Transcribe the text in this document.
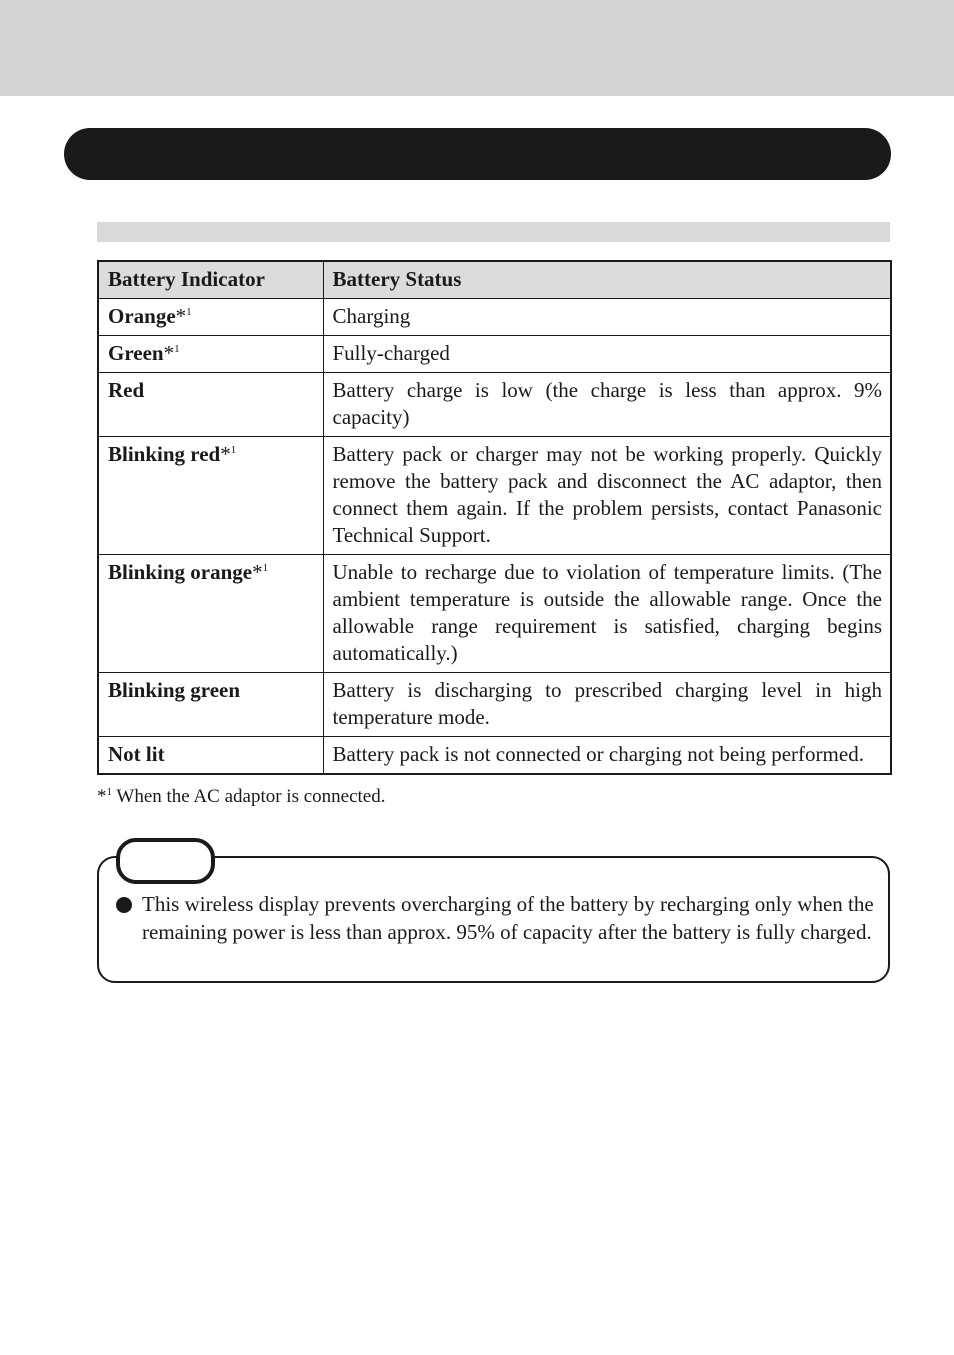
Battery Indicator	Battery Status
Orange*$^1$	Charging
Green*$^1$	Fully-charged
Red	Battery charge is low (the charge is less than approx. 9% capacity)
Blinking red*$^1$	Battery pack or charger may not be working properly. Quickly remove the battery pack and disconnect the AC adaptor, then connect them again. If the problem persists, contact Panasonic Technical Support.
Blinking orange*$^1$	Unable to recharge due to violation of temperature limits. (The ambient temperature is outside the allowable range. Once the allowable range requirement is satisfied, charging begins automatically.)
Blinking green	Battery is discharging to prescribed charging level in high temperature mode.
Not lit	Battery pack is not connected or charging not being performed.
*$^1$ When the AC adaptor is connected.
This wireless display prevents overcharging of the battery by recharging only when the remaining power is less than approx. 95% of capacity after the battery is fully charged.
